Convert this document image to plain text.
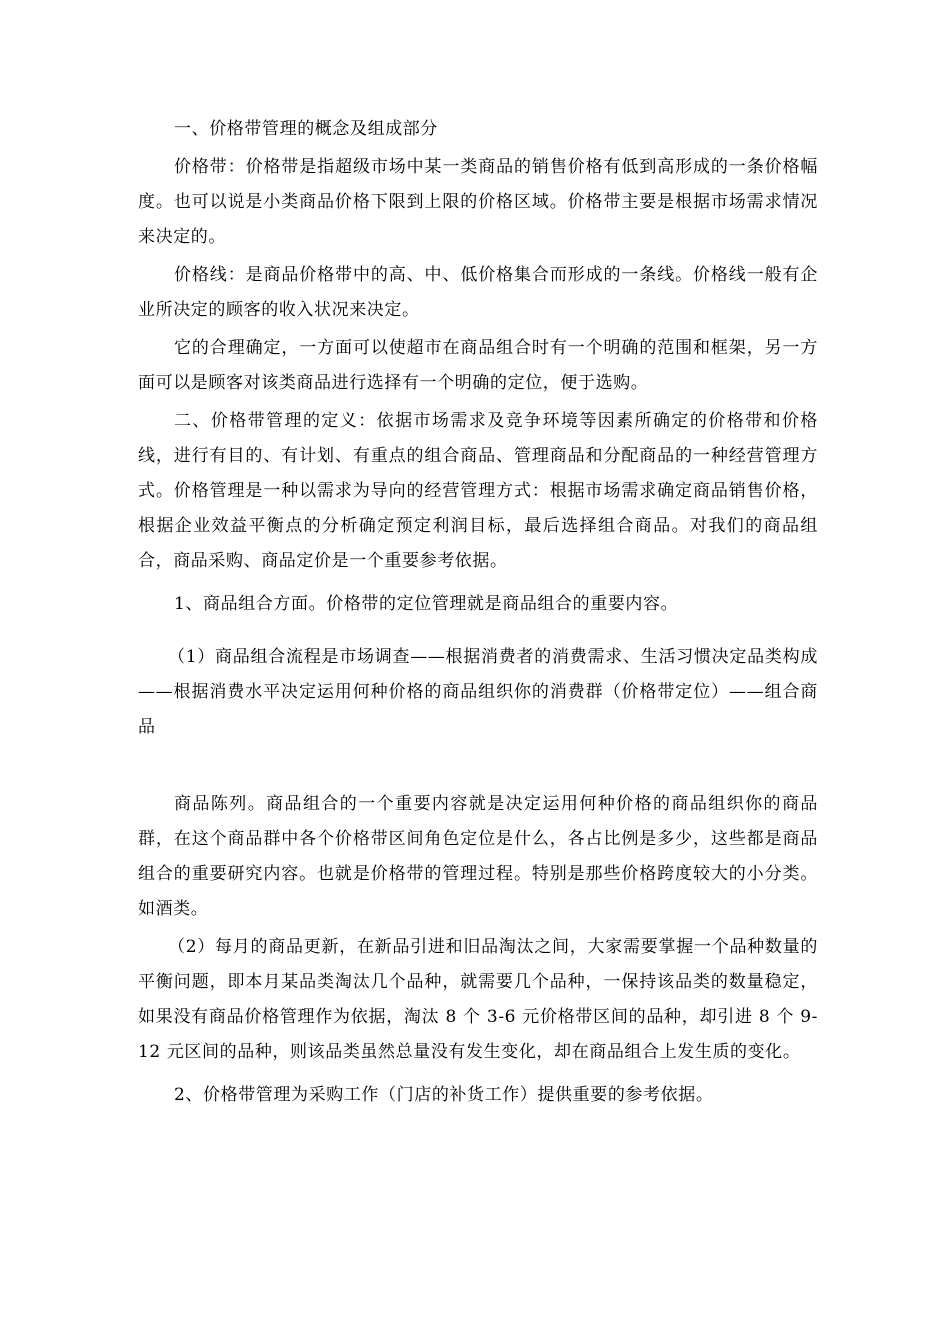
一、价格带管理的概念及组成部分

价格带：价格带是指超级市场中某一类商品的销售价格有低到高形成的一条价格幅度。也可以说是小类商品价格下限到上限的价格区域。价格带主要是根据市场需求情况来决定的。

价格线：是商品价格带中的高、中、低价格集合而形成的一条线。价格线一般有企业所决定的顾客的收入状况来决定。

它的合理确定，一方面可以使超市在商品组合时有一个明确的范围和框架，另一方面可以是顾客对该类商品进行选择有一个明确的定位，便于选购。

二、价格带管理的定义：依据市场需求及竞争环境等因素所确定的价格带和价格线，进行有目的、有计划、有重点的组合商品、管理商品和分配商品的一种经营管理方式。价格管理是一种以需求为导向的经营管理方式：根据市场需求确定商品销售价格，根据企业效益平衡点的分析确定预定利润目标，最后选择组合商品。对我们的商品组合，商品采购、商品定价是一个重要参考依据。

1、商品组合方面。价格带的定位管理就是商品组合的重要内容。

（1）商品组合流程是市场调查——根据消费者的消费需求、生活习惯决定品类构成——根据消费水平决定运用何种价格的商品组织你的消费群（价格带定位）——组合商品

商品陈列。商品组合的一个重要内容就是决定运用何种价格的商品组织你的商品群，在这个商品群中各个价格带区间角色定位是什么，各占比例是多少，这些都是商品组合的重要研究内容。也就是价格带的管理过程。特别是那些价格跨度较大的小分类。如酒类。

（2）每月的商品更新，在新品引进和旧品淘汰之间，大家需要掌握一个品种数量的平衡问题，即本月某品类淘汰几个品种，就需要几个品种，一保持该品类的数量稳定，如果没有商品价格管理作为依据，淘汰 8 个 3-6 元价格带区间的品种，却引进 8 个 9-12 元区间的品种，则该品类虽然总量没有发生变化，却在商品组合上发生质的变化。

2、价格带管理为采购工作（门店的补货工作）提供重要的参考依据。
